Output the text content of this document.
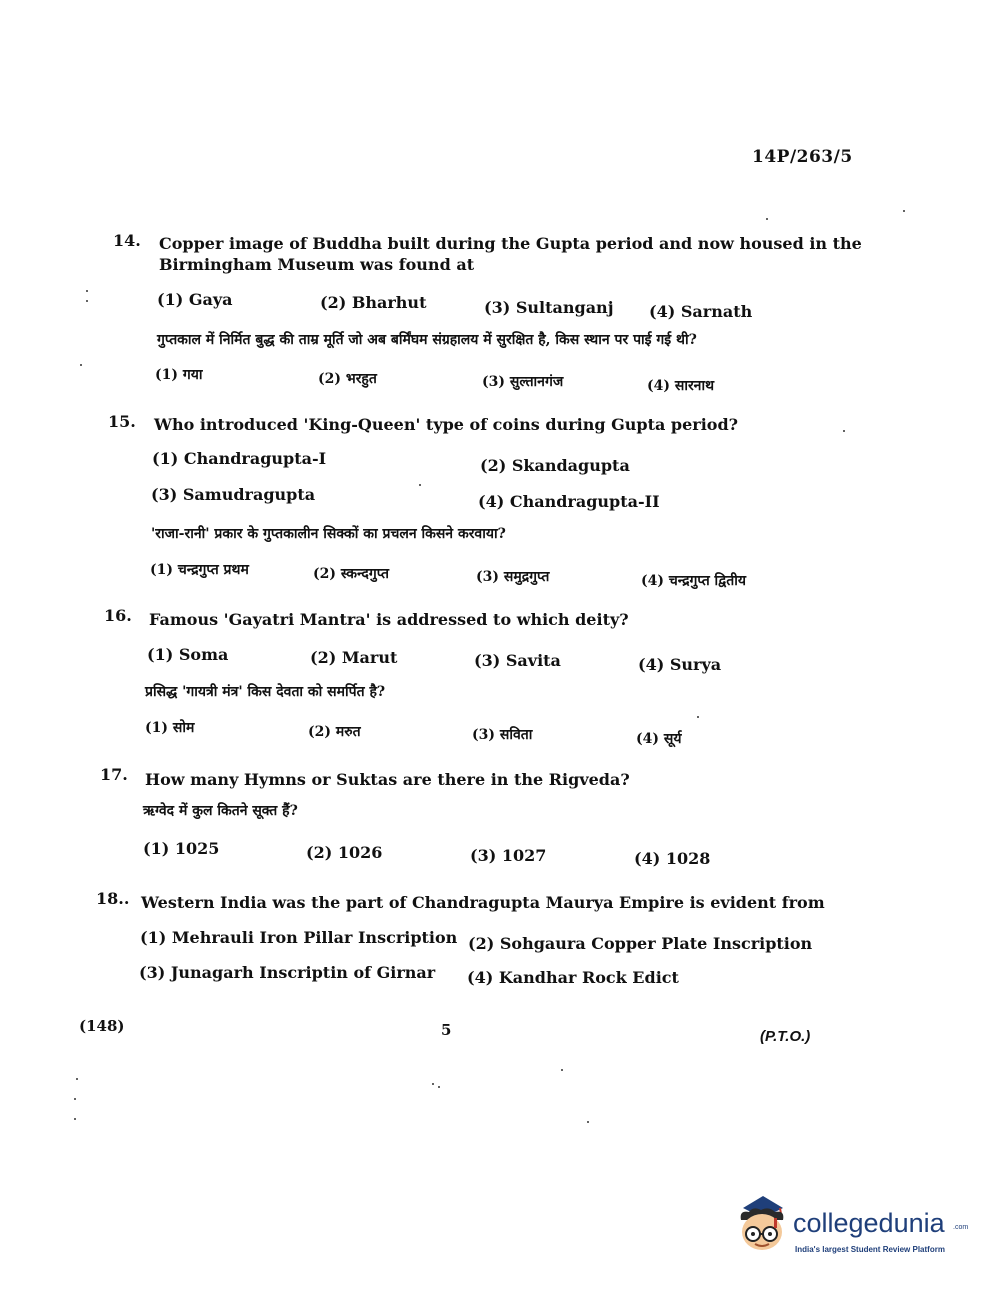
14P/263/5
14. Copper image of Buddha built during the Gupta period and now housed in the
Birmingham Museum was found at
(1) Gaya	(2) Bharhut	(3) Sultanganj (4) Sarnath
गुप्तकाल में निर्मित बुद्ध की ताम्र मूर्ति जो अब बर्मिंघम संग्रहालय में सुरक्षित है, किस स्थान पर पाई गई थी?
(1) गया	(2) भरहुत	(3) सुल्तानगंज	(4) सारनाथ
15. Who introduced 'King-Queen' type of coins during Gupta period?
(1) Chandragupta-I	(2) Skandagupta
(3) Samudragupta	(4) Chandragupta-II
'राजा-रानी' प्रकार के गुप्तकालीन सिक्कों का प्रचलन किसने करवाया?
(1) चन्द्रगुप्त प्रथम	(2) स्कन्दगुप्त	(3) समुद्रगुप्त	(4) चन्द्रगुप्त द्वितीय
16. Famous 'Gayatri Mantra' is addressed to which deity?
(1) Soma	(2) Marut	(3) Savita	(4) Surya
प्रसिद्ध 'गायत्री मंत्र' किस देवता को समर्पित है?
(1) सोम	(2) मरुत	(3) सविता	(4) सूर्य
17. How many Hymns or Suktas are there in the Rigveda?
ऋग्वेद में कुल कितने सूक्त हैं?
(1) 1025	(2) 1026	(3) 1027	(4) 1028
18.. Western India was the part of Chandragupta Maurya Empire is evident from
(1) Mehrauli Iron Pillar Inscription (2) Sohgaura Copper Plate Inscription
(3) Junagarh Inscriptin of Girnar (4) Kandhar Rock Edict
(148)	5	(P.T.O.)
collegedunia .com
India's largest Student Review Platform
